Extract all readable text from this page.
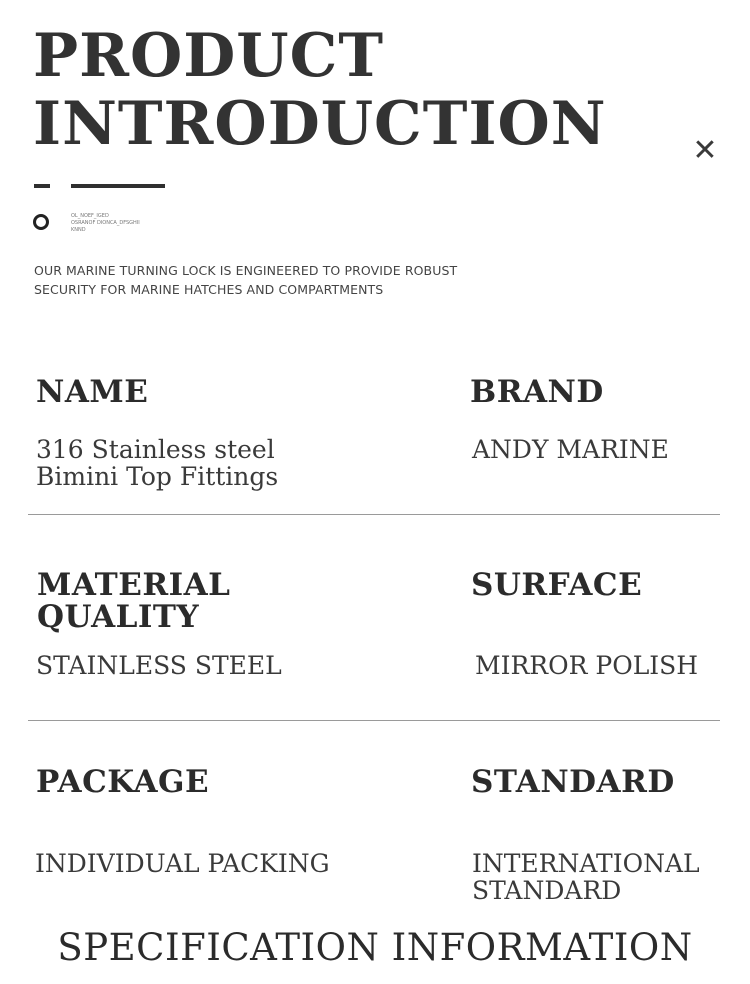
PRODUCT
INTRODUCTION	✕
OL_NOEF_IGED
OSRANOF DIONCA_DFSGHII
KNND
OUR MARINE TURNING LOCK IS ENGINEERED TO PROVIDE ROBUST SECURITY FOR MARINE HATCHES AND COMPARTMENTS
NAME
316 Stainless steel Bimini Top Fittings
BRAND
ANDY MARINE
MATERIAL QUALITY
STAINLESS STEEL
SURFACE
MIRROR POLISH
PACKAGE
INDIVIDUAL PACKING
STANDARD
INTERNATIONAL STANDARD
SPECIFICATION INFORMATION
